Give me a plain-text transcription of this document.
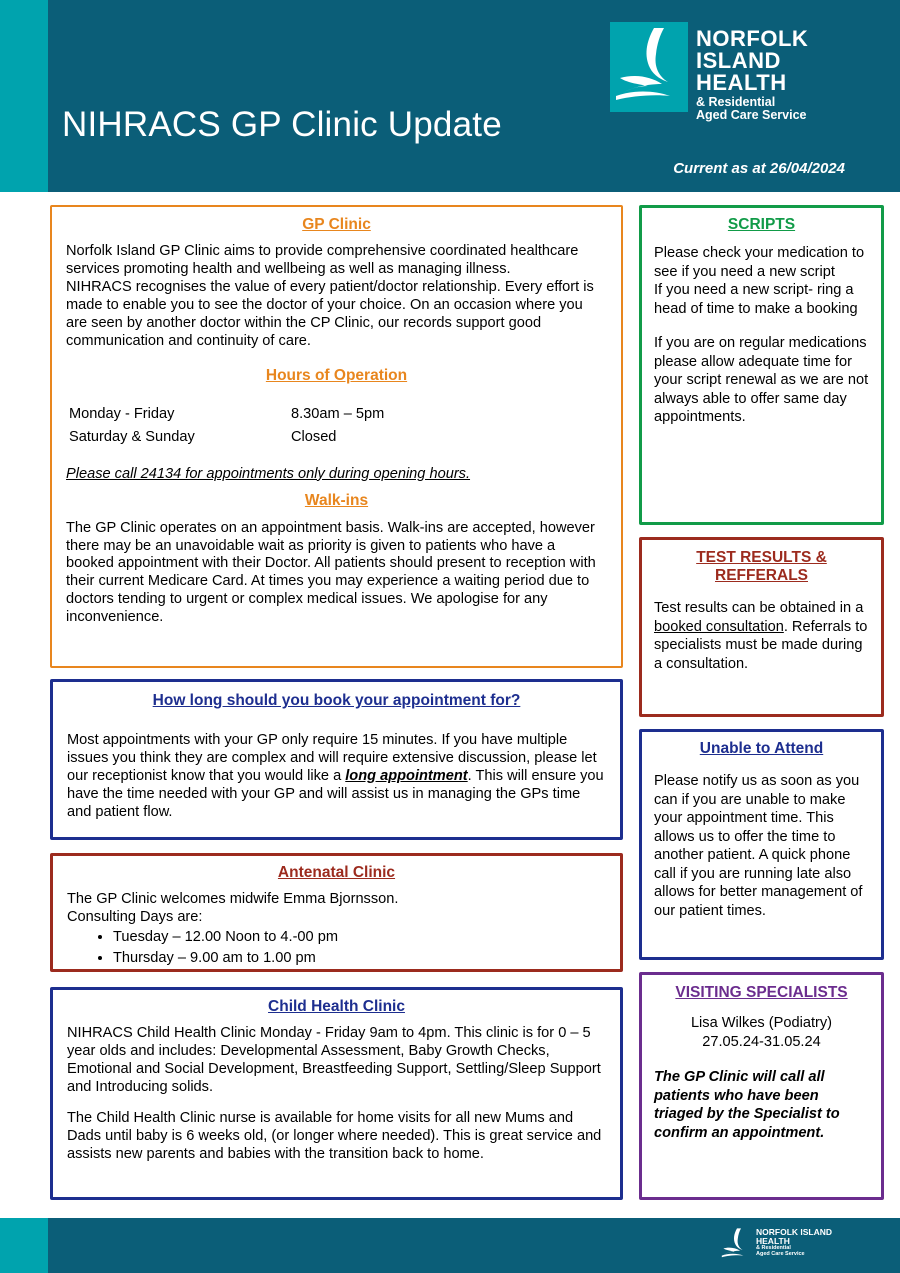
NIHRACS GP Clinic Update
Current as at 26/04/2024
NORFOLK
ISLAND
HEALTH
& Residential
Aged Care Service
GP Clinic

Norfolk Island GP Clinic aims to provide comprehensive coordinated healthcare services promoting health and wellbeing as well as managing illness.

NIHRACS recognises the value of every patient/doctor relationship. Every effort is made to enable you to see the doctor of your choice. On an occasion where you are seen by another doctor within the CP Clinic, our records support good communication and continuity of care.

Hours of Operation
Monday - Friday	8.30am – 5pm
Saturday & Sunday	Closed

Please call 24134 for appointments only during opening hours.

Walk-ins

The GP Clinic operates on an appointment basis. Walk-ins are accepted, however there may be an unavoidable wait as priority is given to patients who have a booked appointment with their Doctor. All patients should present to reception with their current Medicare Card. At times you may experience a waiting period due to doctors tending to urgent or complex medical issues. We apologise for any inconvenience.

How long should you book your appointment for?

Most appointments with your GP only require 15 minutes. If you have multiple issues you think they are complex and will require extensive discussion, please let our receptionist know that you would like a long appointment. This will ensure you have the time needed with your GP and will assist us in managing the GPs time and patient flow.

Antenatal Clinic

The GP Clinic welcomes midwife Emma Bjornsson.

Consulting Days are:

• Tuesday – 12.00 Noon to 4.-00 pm
• Thursday – 9.00 am to 1.00 pm
Child Health Clinic

NIHRACS Child Health Clinic Monday - Friday 9am to 4pm. This clinic is for 0 – 5 year olds and includes: Developmental Assessment, Baby Growth Checks, Emotional and Social Development, Breastfeeding Support, Settling/Sleep Support and Introducing solids.

The Child Health Clinic nurse is available for home visits for all new Mums and Dads until baby is 6 weeks old, (or longer where needed). This is great service and assists new parents and babies with the transition back to home.

SCRIPTS

Please check your medication to see if you need a new script

If you need a new script- ring a head of time to make a booking

If you are on regular medications please allow adequate time for your script renewal as we are not always able to offer same day appointments.

TEST RESULTS &
REFFERALS

Test results can be obtained in a booked consultation. Referrals to specialists must be made during a consultation.

Unable to Attend

Please notify us as soon as you can if you are unable to make your appointment time. This allows us to offer the time to another patient. A quick phone call if you are running late also allows for better management of our patient times.

VISITING SPECIALISTS

Lisa Wilkes (Podiatry)

27.05.24-31.05.24

The GP Clinic will call all patients who have been triaged by the Specialist to confirm an appointment.

NORFOLK ISLAND HEALTH
& Residential
Aged Care Service
